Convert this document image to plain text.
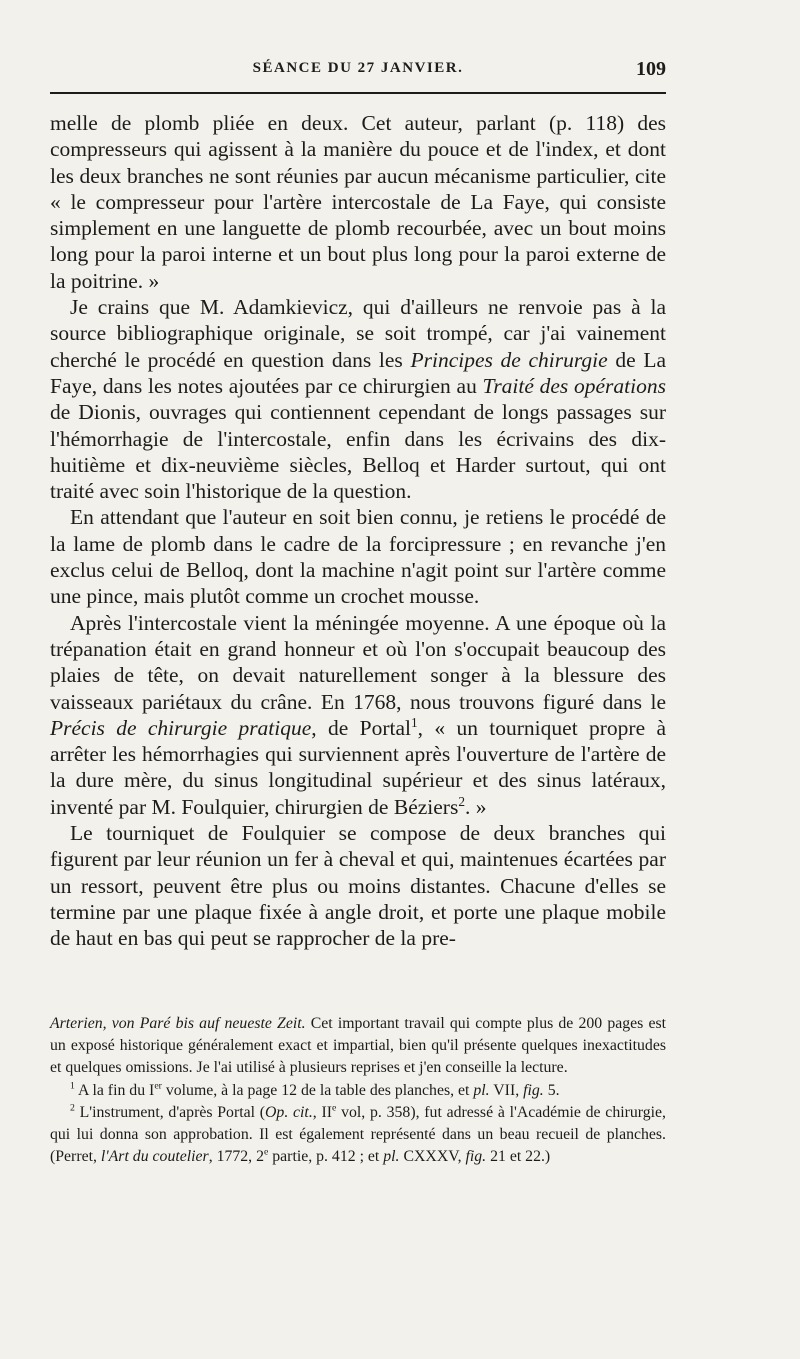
SÉANCE DU 27 JANVIER.	109

melle de plomb pliée en deux. Cet auteur, parlant (p. 118) des compresseurs qui agissent à la manière du pouce et de l'index, et dont les deux branches ne sont réunies par aucun mécanisme particulier, cite « le compresseur pour l'artère intercostale de La Faye, qui consiste simplement en une languette de plomb recourbée, avec un bout moins long pour la paroi interne et un bout plus long pour la paroi externe de la poitrine. »

Je crains que M. Adamkievicz, qui d'ailleurs ne renvoie pas à la source bibliographique originale, se soit trompé, car j'ai vainement cherché le procédé en question dans les Principes de chirurgie de La Faye, dans les notes ajoutées par ce chirurgien au Traité des opérations de Dionis, ouvrages qui contiennent cependant de longs passages sur l'hémorrhagie de l'intercostale, enfin dans les écrivains des dix-huitième et dix-neuvième siècles, Belloq et Harder surtout, qui ont traité avec soin l'historique de la question.

En attendant que l'auteur en soit bien connu, je retiens le procédé de la lame de plomb dans le cadre de la forcipressure ; en revanche j'en exclus celui de Belloq, dont la machine n'agit point sur l'artère comme une pince, mais plutôt comme un crochet mousse.

Après l'intercostale vient la méningée moyenne. A une époque où la trépanation était en grand honneur et où l'on s'occupait beaucoup des plaies de tête, on devait naturellement songer à la blessure des vaisseaux pariétaux du crâne. En 1768, nous trouvons figuré dans le Précis de chirurgie pratique, de Portal$^1$, « un tourniquet propre à arrêter les hémorrhagies qui surviennent après l'ouverture de l'artère de la dure mère, du sinus longitudinal supérieur et des sinus latéraux, inventé par M. Foulquier, chirurgien de Béziers$^2$. »

Le tourniquet de Foulquier se compose de deux branches qui figurent par leur réunion un fer à cheval et qui, maintenues écartées par un ressort, peuvent être plus ou moins distantes. Chacune d'elles se termine par une plaque fixée à angle droit, et porte une plaque mobile de haut en bas qui peut se rapprocher de la pre-

Arterien, von Paré bis auf neueste Zeit. Cet important travail qui compte plus de 200 pages est un exposé historique généralement exact et impartial, bien qu'il présente quelques inexactitudes et quelques omissions. Je l'ai utilisé à plusieurs reprises et j'en conseille la lecture.

$^1$ A la fin du Ier volume, à la page 12 de la table des planches, et pl. VII, fig. 5.

$^2$ L'instrument, d'après Portal (Op. cit., IIe vol, p. 358), fut adressé à l'Académie de chirurgie, qui lui donna son approbation. Il est également représenté dans un beau recueil de planches. (Perret, l'Art du coutelier, 1772, 2e partie, p. 412 ; et pl. CXXXV, fig. 21 et 22.)
